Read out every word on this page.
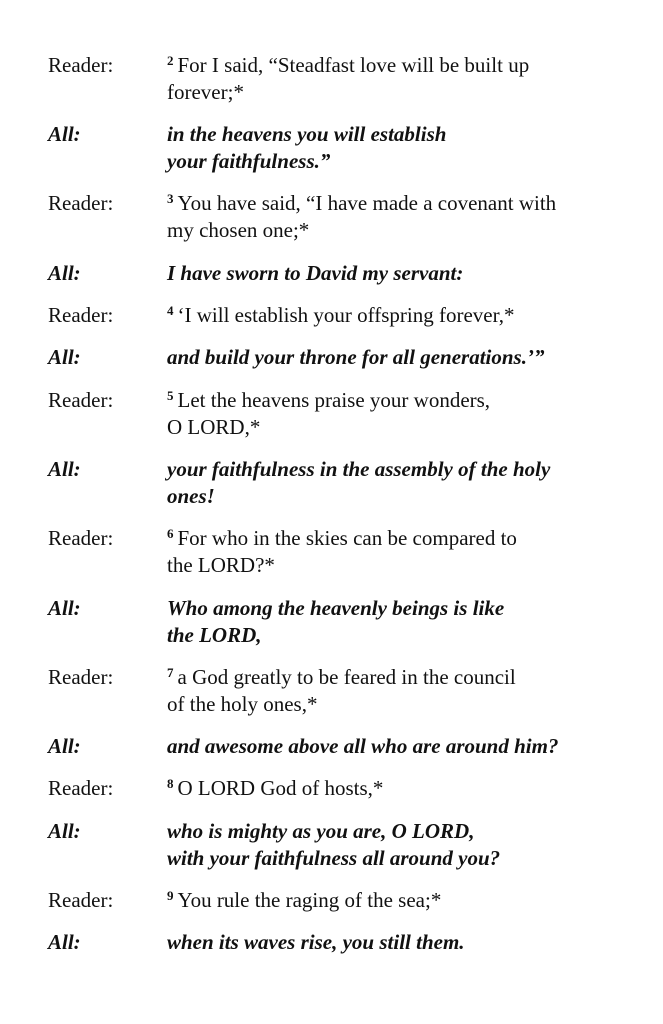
Reader:	$^2$ For I said, “Steadfast love will be built up
forever;*
All:	in the heavens you will establish
your faithfulness.”
Reader:	$^3$ You have said, “I have made a covenant with
my chosen one;*
All:	I have sworn to David my servant:
Reader:	$^4$ ‘I will establish your offspring forever,*
All:	and build your throne for all generations.’”
Reader:	$^5$ Let the heavens praise your wonders,
O LORD,*
All:	your faithfulness in the assembly of the holy
ones!
Reader:	$^6$ For who in the skies can be compared to
the LORD?*
All:	Who among the heavenly beings is like
the LORD,
Reader:	$^7$ a God greatly to be feared in the council
of the holy ones,*
All:	and awesome above all who are around him?
Reader:	$^8$ O LORD God of hosts,*
All:	who is mighty as you are, O LORD,
with your faithfulness all around you?
Reader:	$^9$ You rule the raging of the sea;*
All:	when its waves rise, you still them.
